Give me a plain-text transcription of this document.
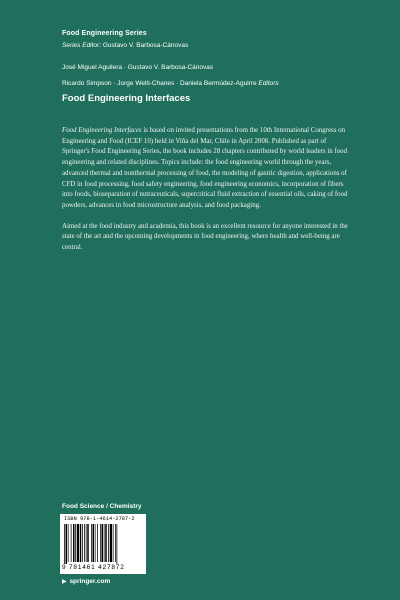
Food Engineering Series
Series Editor: Gustavo V. Barbosa-Cánovas
José Miguel Aguilera · Gustavo V. Barbosa-Cánovas
Ricardo Simpson · Jorge Welti-Chanes · Daniela Bermúdez-Aguirre Editors
Food Engineering Interfaces

Food Engineering Interfaces is based on invited presentations from the 10th International Congress on Engineering and Food (ICEF 10) held in Viña del Mar, Chile in April 2008. Published as part of Springer's Food Engineering Series, the book includes 28 chapters contributed by world leaders in food engineering and related disciplines. Topics include: the food engineering world through the years, advanced thermal and nonthermal processing of food, the modeling of gastric digestion, applications of CFD in food processing, food safety engineering, food engineering economics, incorporation of fibers into foods, bioseparation of nutraceuticals, supercritical fluid extraction of essential oils, caking of food powders, advances in food microstructure analysis, and food packaging.

Aimed at the food industry and academia, this book is an excellent resource for anyone interested in the state of the art and the upcoming developments in food engineering, where health and well-being are central.

Food Science / Chemistry
ISBN 978-1-4614-2787-2
9 781461 427872
▶ springer.com
